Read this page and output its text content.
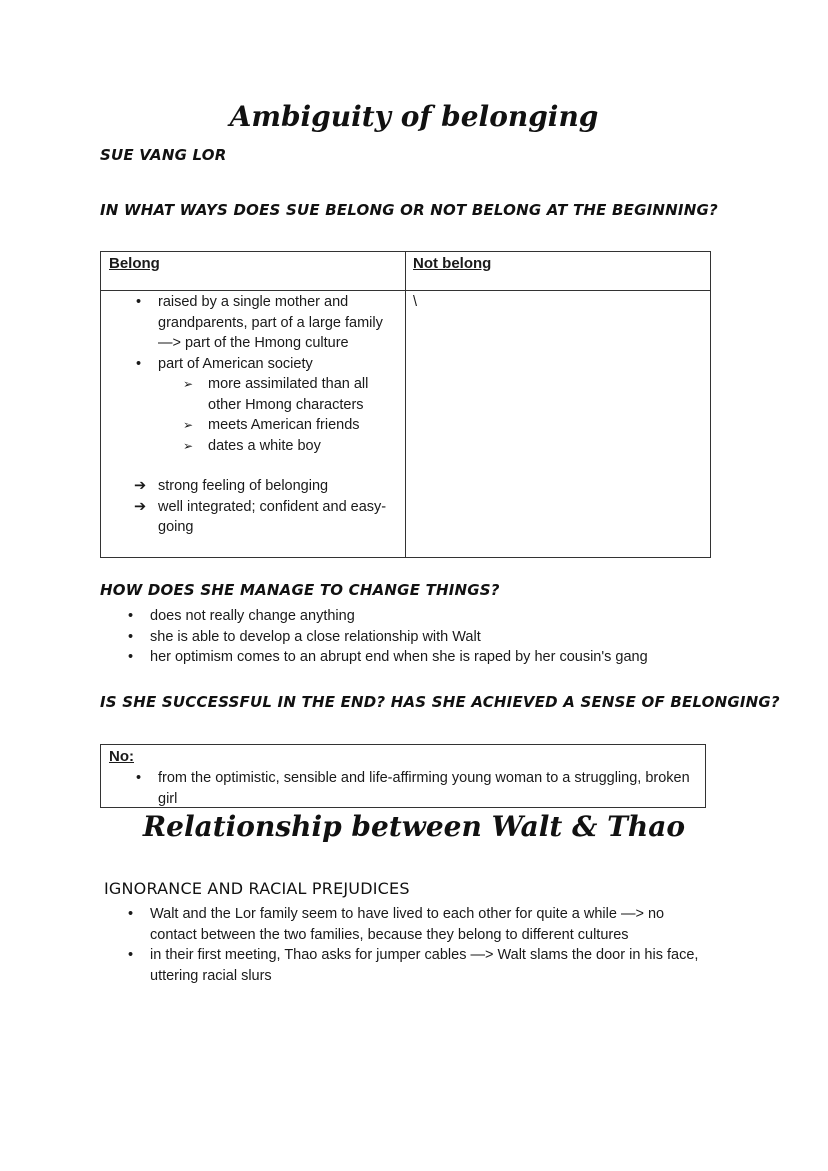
Ambiguity of belonging
SUE VANG LOR
IN WHAT WAYS DOES SUE BELONG OR NOT BELONG AT THE BEGINNING?
Belong	Not belong
• raised by a single mother and grandparents, part of a large family —> part of the Hmong culture
• part of American society
➢ more assimilated than all other Hmong characters
➢ meets American friends
➢ dates a white boy
➔ strong feeling of belonging
➔ well integrated; confident and easy-going
\
HOW DOES SHE MANAGE TO CHANGE THINGS?
• does not really change anything
• she is able to develop a close relationship with Walt
• her optimism comes to an abrupt end when she is raped by her cousin's gang
IS SHE SUCCESSFUL IN THE END? HAS SHE ACHIEVED A SENSE OF BELONGING?
No:
• from the optimistic, sensible and life-affirming young woman to a struggling, broken girl
Relationship between Walt & Thao
IGNORANCE AND RACIAL PREJUDICES
• Walt and the Lor family seem to have lived to each other for quite a while —> no contact between the two families, because they belong to different cultures
• in their first meeting, Thao asks for jumper cables —> Walt slams the door in his face, uttering racial slurs
